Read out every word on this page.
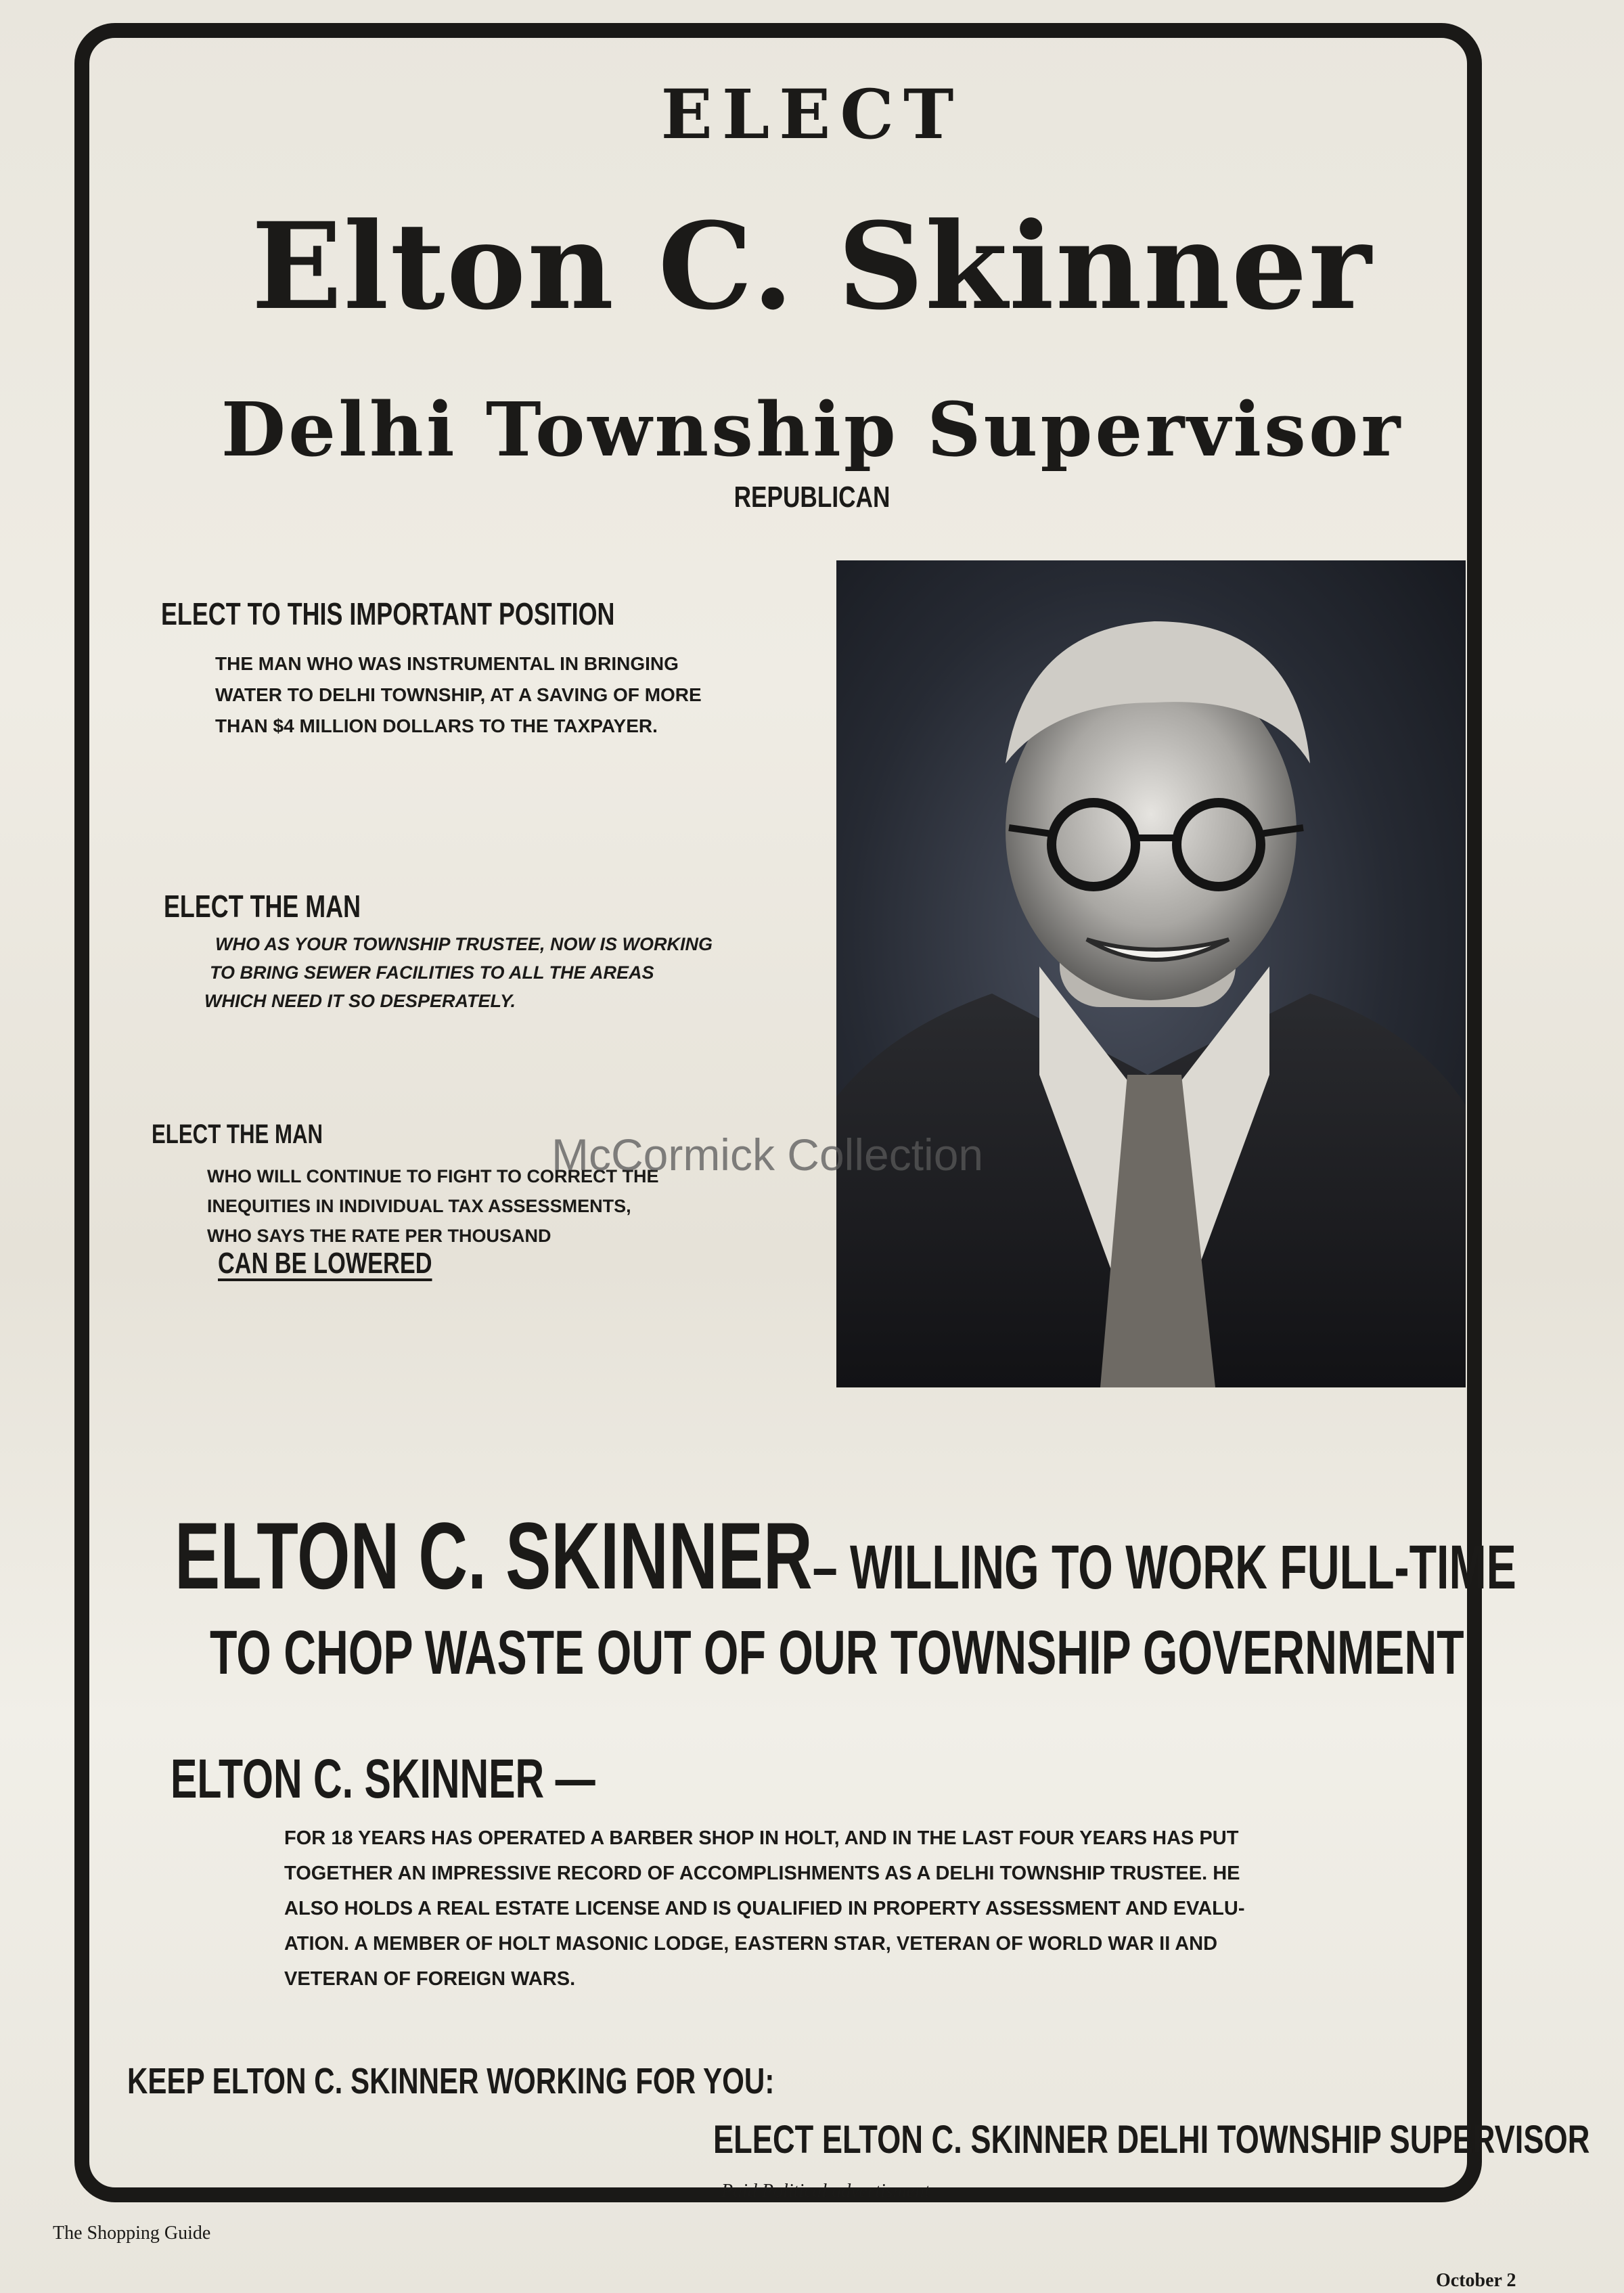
ELECT
Elton C. Skinner
Delhi Township Supervisor
REPUBLICAN
ELECT TO THIS IMPORTANT POSITION
THE MAN WHO WAS INSTRUMENTAL IN BRINGING
WATER TO DELHI TOWNSHIP, AT A SAVING OF MORE
THAN $4 MILLION DOLLARS TO THE TAXPAYER.
ELECT THE MAN
WHO AS YOUR TOWNSHIP TRUSTEE, NOW IS WORKING
TO BRING SEWER FACILITIES TO ALL THE AREAS
WHICH NEED IT SO DESPERATELY.
ELECT THE MAN
WHO WILL CONTINUE TO FIGHT TO CORRECT THE
INEQUITIES IN INDIVIDUAL TAX ASSESSMENTS,
WHO SAYS THE RATE PER THOUSAND
CAN BE LOWERED
McCormick Collection
ELTON C. SKINNER– WILLING TO WORK FULL-TIME
TO CHOP WASTE OUT OF OUR TOWNSHIP GOVERNMENT
ELTON C. SKINNER —
FOR 18 YEARS HAS OPERATED A BARBER SHOP IN HOLT, AND IN THE LAST FOUR YEARS HAS PUT
TOGETHER AN IMPRESSIVE RECORD OF ACCOMPLISHMENTS AS A DELHI TOWNSHIP TRUSTEE. HE
ALSO HOLDS A REAL ESTATE LICENSE AND IS QUALIFIED IN PROPERTY ASSESSMENT AND EVALU-
ATION. A MEMBER OF HOLT MASONIC LODGE, EASTERN STAR, VETERAN OF WORLD WAR II AND
VETERAN OF FOREIGN WARS.
KEEP ELTON C. SKINNER WORKING FOR YOU:
ELECT ELTON C. SKINNER DELHI TOWNSHIP SUPERVISOR
Paid Political advertisment
The Shopping Guide
October 2
